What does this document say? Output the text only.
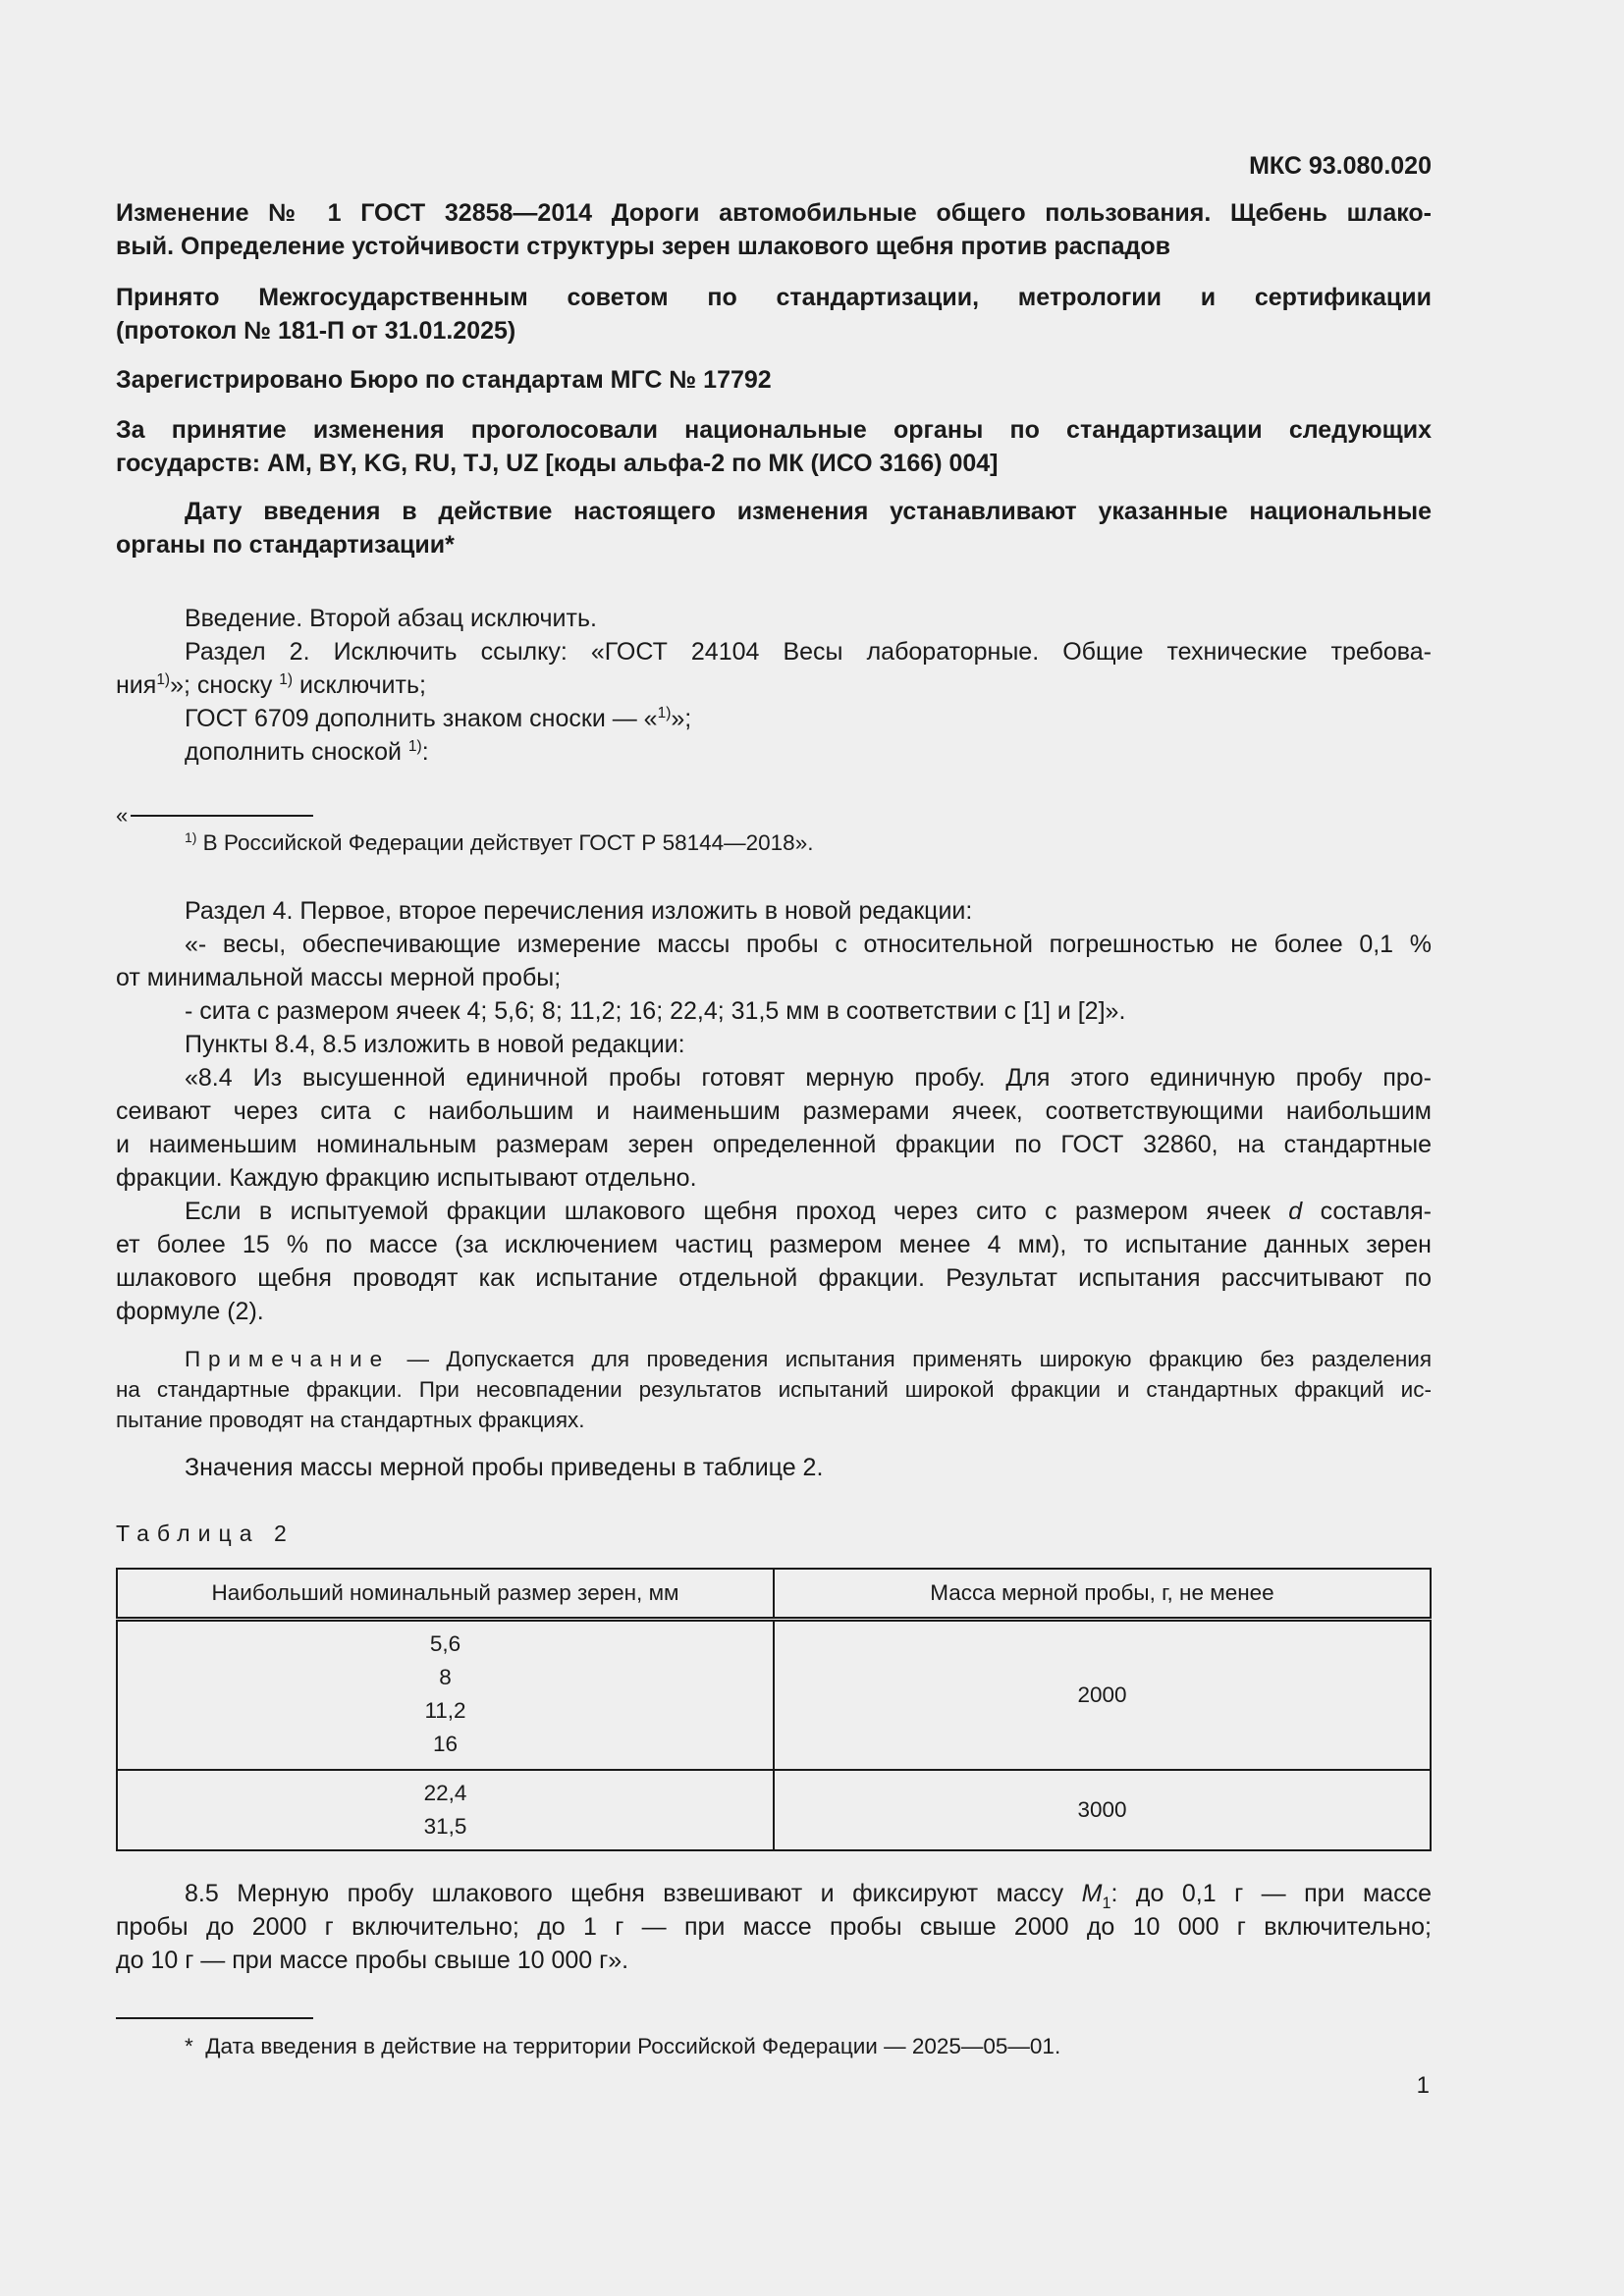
МКС 93.080.020
Изменение № 1 ГОСТ 32858—2014 Дороги автомобильные общего пользования. Щебень шлако-
вый. Определение устойчивости структуры зерен шлакового щебня против распадов
Принято Межгосударственным советом по стандартизации, метрологии и сертификации
(протокол № 181-П от 31.01.2025)
Зарегистрировано Бюро по стандартам МГС № 17792
За принятие изменения проголосовали национальные органы по стандартизации следующих
государств: AM, BY, KG, RU, TJ, UZ [коды альфа-2 по МК (ИСО 3166) 004]
Дату введения в действие настоящего изменения устанавливают указанные национальные
органы по стандартизации*
Введение. Второй абзац исключить.
Раздел 2. Исключить ссылку: «ГОСТ 24104 Весы лабораторные. Общие технические требова-
ния$^{1)}$»; сноску $^{1)}$ исключить;
ГОСТ 6709 дополнить знаком сноски — «$^{1)}$»;
дополнить сноской $^{1)}$:
«
$^{1)}$ В Российской Федерации действует ГОСТ Р 58144—2018».
Раздел 4. Первое, второе перечисления изложить в новой редакции:
«- весы, обеспечивающие измерение массы пробы с относительной погрешностью не более 0,1 %
от минимальной массы мерной пробы;
- сита с размером ячеек 4; 5,6; 8; 11,2; 16; 22,4; 31,5 мм в соответствии с [1] и [2]».
Пункты 8.4, 8.5 изложить в новой редакции:
«8.4 Из высушенной единичной пробы готовят мерную пробу. Для этого единичную пробу про-
сеивают через сита с наибольшим и наименьшим размерами ячеек, соответствующими наибольшим
и наименьшим номинальным размерам зерен определенной фракции по ГОСТ 32860, на стандартные
фракции. Каждую фракцию испытывают отдельно.
Если в испытуемой фракции шлакового щебня проход через сито с размером ячеек d составля-
ет более 15 % по массе (за исключением частиц размером менее 4 мм), то испытание данных зерен
шлакового щебня проводят как испытание отдельной фракции. Результат испытания рассчитывают по
формуле (2).
Примечание — Допускается для проведения испытания применять широкую фракцию без разделения
на стандартные фракции. При несовпадении результатов испытаний широкой фракции и стандартных фракций ис-
пытание проводят на стандартных фракциях.
Значения массы мерной пробы приведены в таблице 2.
Таблица 2
Наибольший номинальный размер зерен, мм	Масса мерной пробы, г, не менее

5,6
8
11,2
16	2000

22,4
31,5	3000
8.5 Мерную пробу шлакового щебня взвешивают и фиксируют массу $M_1$: до 0,1 г — при массе
пробы до 2000 г включительно; до 1 г — при массе пробы свыше 2000 до 10 000 г включительно;
до 10 г — при массе пробы свыше 10 000 г».
* Дата введения в действие на территории Российской Федерации — 2025—05—01.
1
